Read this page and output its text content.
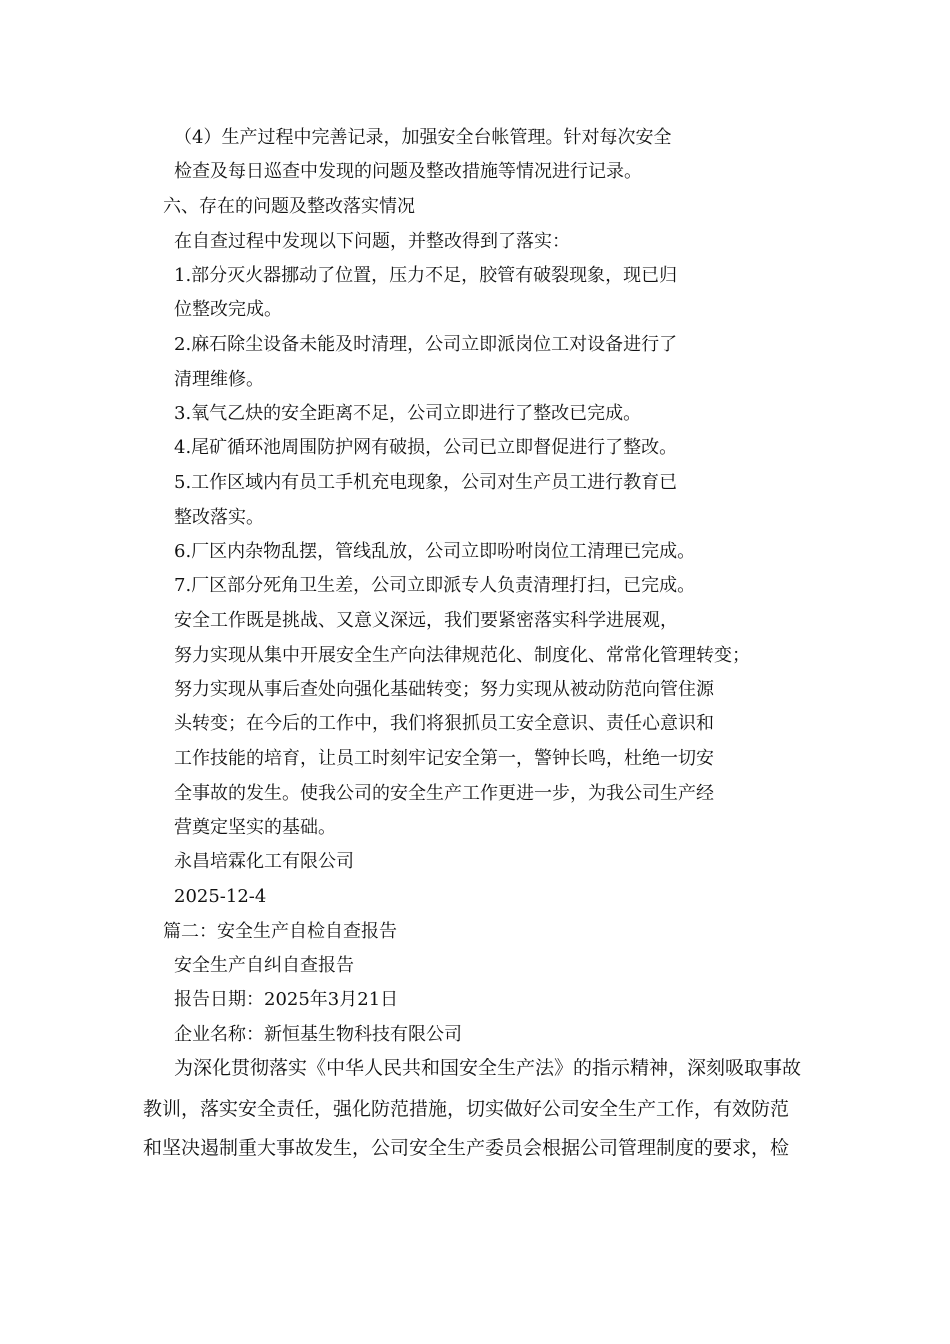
（4）生产过程中完善记录，加强安全台帐管理。针对每次安全
检查及每日巡查中发现的问题及整改措施等情况进行记录。
六、存在的问题及整改落实情况
在自查过程中发现以下问题，并整改得到了落实：
1.部分灭火器挪动了位置，压力不足，胶管有破裂现象，现已归
位整改完成。
2.麻石除尘设备未能及时清理，公司立即派岗位工对设备进行了
清理维修。
3.氧气乙炔的安全距离不足，公司立即进行了整改已完成。
4.尾矿循环池周围防护网有破损，公司已立即督促进行了整改。
5.工作区域内有员工手机充电现象，公司对生产员工进行教育已
整改落实。
6.厂区内杂物乱摆，管线乱放，公司立即吩咐岗位工清理已完成。
7.厂区部分死角卫生差，公司立即派专人负责清理打扫，已完成。
安全工作既是挑战、又意义深远，我们要紧密落实科学进展观，
努力实现从集中开展安全生产向法律规范化、制度化、常常化管理转变；
努力实现从事后查处向强化基础转变；努力实现从被动防范向管住源
头转变；在今后的工作中，我们将狠抓员工安全意识、责任心意识和
工作技能的培育，让员工时刻牢记安全第一，警钟长鸣，杜绝一切安
全事故的发生。使我公司的安全生产工作更进一步，为我公司生产经
营奠定坚实的基础。
永昌培霖化工有限公司
2025-12-4
篇二：安全生产自检自查报告
安全生产自纠自查报告
报告日期：2025年3月21日
企业名称：新恒基生物科技有限公司
为深化贯彻落实《中华人民共和国安全生产法》的指示精神，深刻吸取事故
教训，落实安全责任，强化防范措施，切实做好公司安全生产工作，有效防范
和坚决遏制重大事故发生，公司安全生产委员会根据公司管理制度的要求，检
